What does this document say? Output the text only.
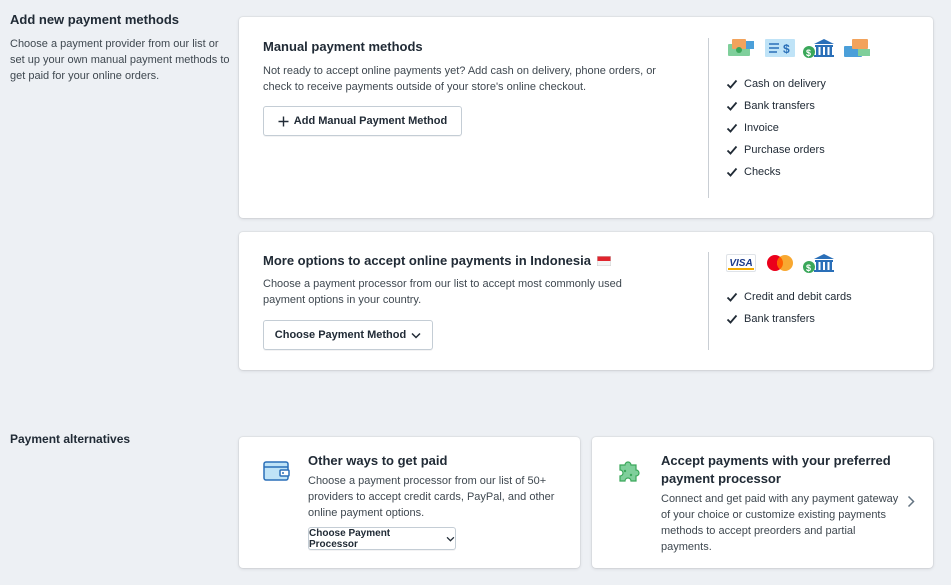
Add new payment methods
Choose a payment provider from our list or set up your own manual payment methods to get paid for your online orders.
Manual payment methods
Not ready to accept online payments yet? Add cash on delivery, phone orders, or check to receive payments outside of your store's online checkout.
Add Manual Payment Method
$ $
Cash on delivery
Bank transfers
Invoice
Purchase orders
Checks
More options to accept online payments in Indonesia
Choose a payment processor from our list to accept most commonly used payment options in your country.
Choose Payment Method
VISA	$
Credit and debit cards
Bank transfers
Payment alternatives
Other ways to get paid
Choose a payment processor from our list of 50+ providers to accept credit cards, PayPal, and other online payment options.
Choose Payment Processor
Accept payments with your preferred payment processor
Connect and get paid with any payment gateway of your choice or customize existing payments methods to accept preorders and partial payments.
